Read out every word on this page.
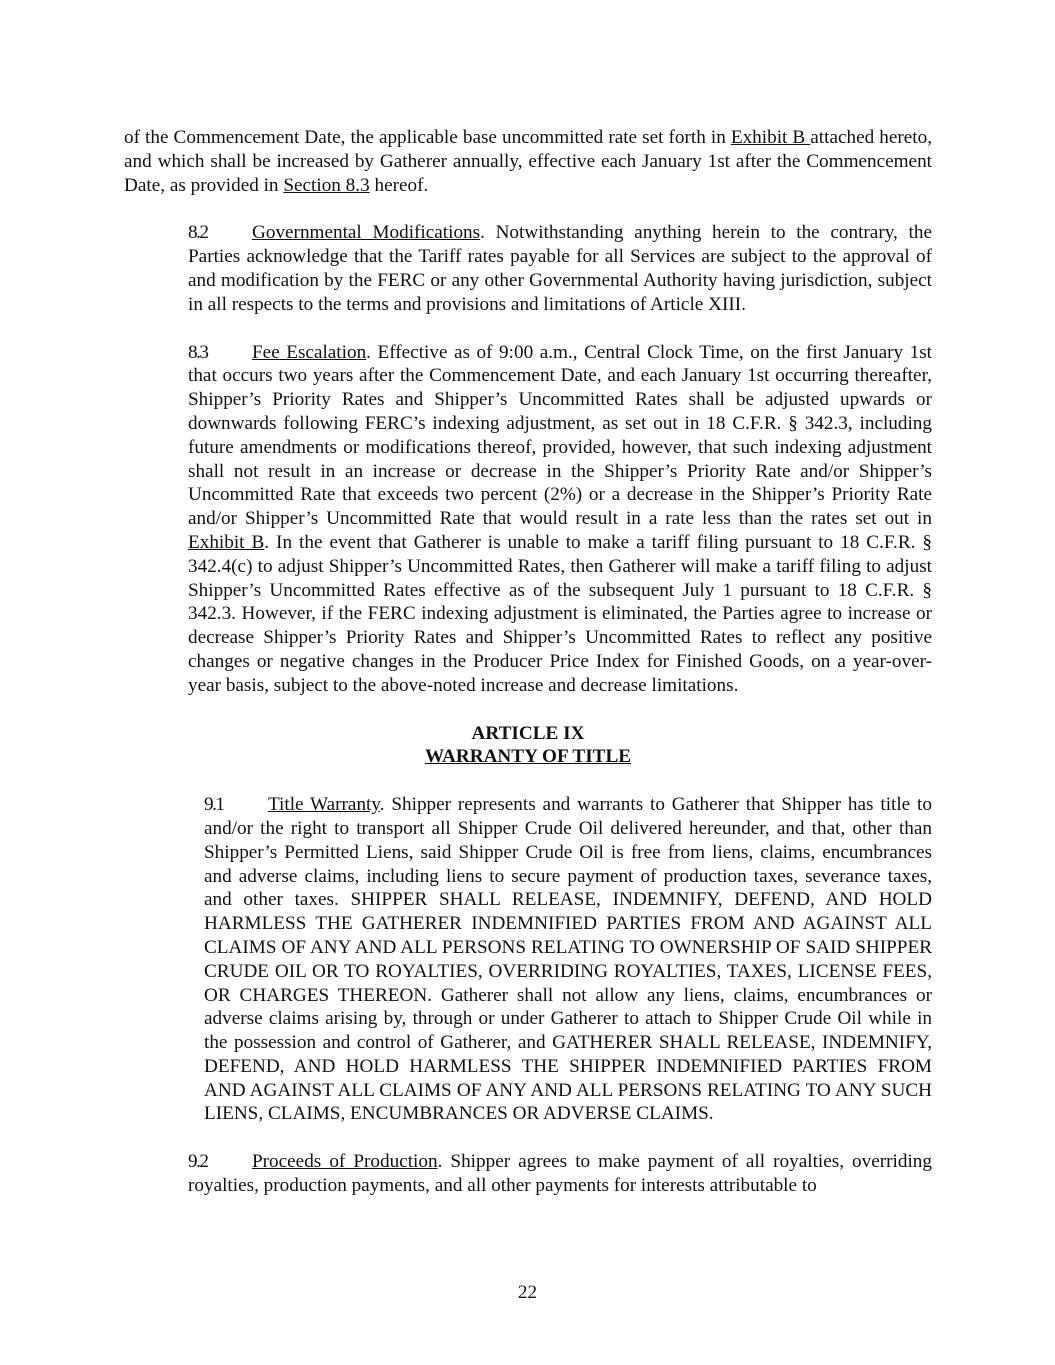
of the Commencement Date, the applicable base uncommitted rate set forth in Exhibit B attached hereto, and which shall be increased by Gatherer annually, effective each January 1st after the Commencement Date, as provided in Section 8.3 hereof.

8.2 Governmental Modifications. Notwithstanding anything herein to the contrary, the Parties acknowledge that the Tariff rates payable for all Services are subject to the approval of and modification by the FERC or any other Governmental Authority having jurisdiction, subject in all respects to the terms and provisions and limitations of Article XIII.

8.3 Fee Escalation. Effective as of 9:00 a.m., Central Clock Time, on the first January 1st that occurs two years after the Commencement Date, and each January 1st occurring thereafter, Shipper’s Priority Rates and Shipper’s Uncommitted Rates shall be adjusted upwards or downwards following FERC’s indexing adjustment, as set out in 18 C.F.R. § 342.3, including future amendments or modifications thereof, provided, however, that such indexing adjustment shall not result in an increase or decrease in the Shipper’s Priority Rate and/or Shipper’s Uncommitted Rate that exceeds two percent (2%) or a decrease in the Shipper’s Priority Rate and/or Shipper’s Uncommitted Rate that would result in a rate less than the rates set out in Exhibit B. In the event that Gatherer is unable to make a tariff filing pursuant to 18 C.F.R. § 342.4(c) to adjust Shipper’s Uncommitted Rates, then Gatherer will make a tariff filing to adjust Shipper’s Uncommitted Rates effective as of the subsequent July 1 pursuant to 18 C.F.R. § 342.3. However, if the FERC indexing adjustment is eliminated, the Parties agree to increase or decrease Shipper’s Priority Rates and Shipper’s Uncommitted Rates to reflect any positive changes or negative changes in the Producer Price Index for Finished Goods, on a year-over-year basis, subject to the above-noted increase and decrease limitations.

ARTICLE IX
WARRANTY OF TITLE

9.1 Title Warranty. Shipper represents and warrants to Gatherer that Shipper has title to and/or the right to transport all Shipper Crude Oil delivered hereunder, and that, other than Shipper’s Permitted Liens, said Shipper Crude Oil is free from liens, claims, encumbrances and adverse claims, including liens to secure payment of production taxes, severance taxes, and other taxes. SHIPPER SHALL RELEASE, INDEMNIFY, DEFEND, AND HOLD HARMLESS THE GATHERER INDEMNIFIED PARTIES FROM AND AGAINST ALL CLAIMS OF ANY AND ALL PERSONS RELATING TO OWNERSHIP OF SAID SHIPPER CRUDE OIL OR TO ROYALTIES, OVERRIDING ROYALTIES, TAXES, LICENSE FEES, OR CHARGES THEREON. Gatherer shall not allow any liens, claims, encumbrances or adverse claims arising by, through or under Gatherer to attach to Shipper Crude Oil while in the possession and control of Gatherer, and GATHERER SHALL RELEASE, INDEMNIFY, DEFEND, AND HOLD HARMLESS THE SHIPPER INDEMNIFIED PARTIES FROM AND AGAINST ALL CLAIMS OF ANY AND ALL PERSONS RELATING TO ANY SUCH LIENS, CLAIMS, ENCUMBRANCES OR ADVERSE CLAIMS.

9.2 Proceeds of Production. Shipper agrees to make payment of all royalties, overriding royalties, production payments, and all other payments for interests attributable to

22
